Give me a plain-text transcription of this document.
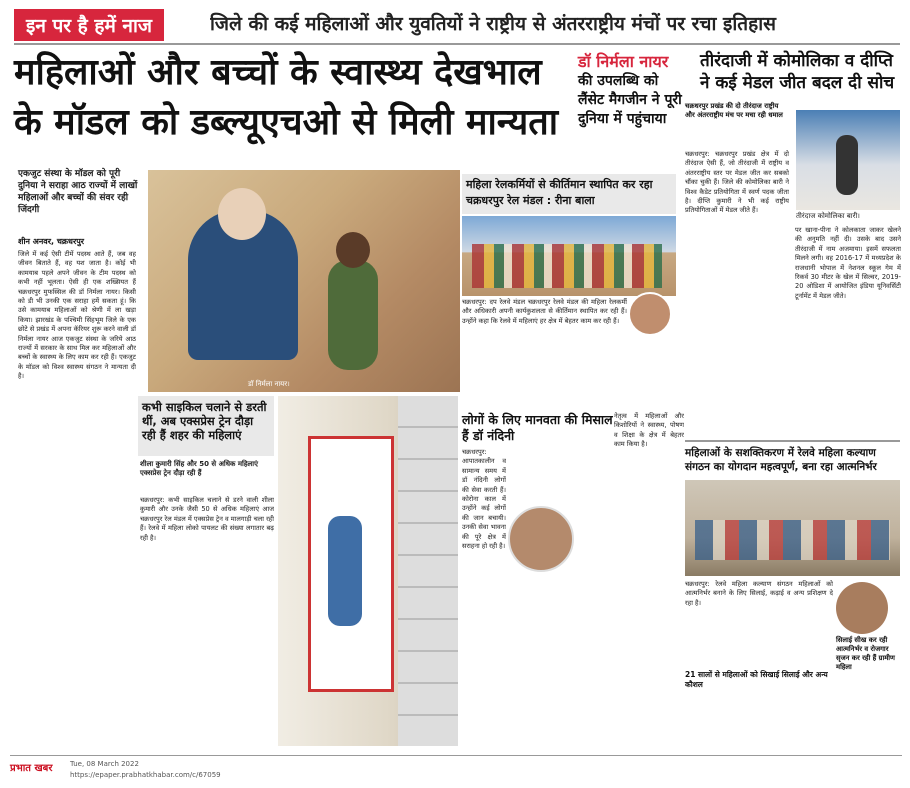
इन पर है हमें नाज	जिले की कई महिलाओं और युवतियों ने राष्ट्रीय से अंतरराष्ट्रीय मंचों पर रचा इतिहास
महिलाओं और बच्चों के स्वास्थ्य देखभाल
के मॉडल को डब्ल्यूएचओ से मिली मान्यता
डॉ निर्मला नायर
की उपलब्धि को लैंसेट मैगजीन ने पूरी दुनिया में पहुंचाया
तीरंदाजी में कोमोलिका व दीप्ति ने कई मेडल जीत बदल दी सोच
एकजुट संस्था के मॉडल को पूरी दुनिया ने सराहा आठ राज्यों में लाखों महिलाओं और बच्चों की संवर रही जिंदगी
शीन अनवर, चक्रधरपुर
जिले में कई ऐसी टीमें पदस्थ आते हैं, जब वह जीवन बिताते हैं, वह यश जाता है। कोई भी कामयाब पहले अपने जीवन के टीम पदस्थ को कभी नहीं भूलता। ऐसी ही एक शख्सियत हैं चक्रधरपुर मुफस्सिल की डॉ निर्मला नायर। किसी को डी भी उनकी एक सराहा हमें सकता हूं। कि उसे कामयाब महिलाओं को श्रेणी में ला खड़ा किया। झारखंड के पश्चिमी सिंहभूम जिले के एक छोटे से प्रखंड में अपना कॅरियर शुरू करने वाली डॉ निर्मला नायर आज एकजुट संस्था के जरिये आठ राज्यों में सरकार के साथ मिल कर महिलाओं और बच्चों के स्वास्थ्य के लिए काम कर रही हैं। एकजुट के मॉडल को विश्व स्वास्थ्य संगठन ने मान्यता दी है।
डॉ निर्मला नायर।
महिला रेलकर्मियों से कीर्तिमान स्थापित कर रहा चक्रधरपुर रेल मंडल : रीना बाला
चक्रधरपुर: दप रेलवे मंडल चक्रधरपुर रेलवे मंडल की महिला रेलकर्मी और अधिकारी अपनी कार्यकुशलता से कीर्तिमान स्थापित कर रही हैं। उन्होंने कहा कि रेलवे में महिलाएं हर क्षेत्र में बेहतर काम कर रही हैं।
चक्रधरपुर प्रखंड की दो तीरंदाज राष्ट्रीय और अंतरराष्ट्रीय मंच पर मचा रही धमाल
तीरंदाज कोमोलिका बारी।
चक्रधरपुर: चक्रधरपुर प्रखंड क्षेत्र में दो तीरंदाज ऐसी हैं, जो तीरंदाजी में राष्ट्रीय व अंतरराष्ट्रीय स्तर पर मेडल जीत कर सबको चौंका चुकी हैं। जिले की कोमोलिका बारी ने विश्व कैडेट प्रतियोगिता में स्वर्ण पदक जीता है। दीप्ति कुमारी ने भी कई राष्ट्रीय प्रतियोगिताओं में मेडल जीते हैं।
पर खाना-पीना ने कोलकाता जाकर खेलने की अनुमति नहीं दी। उसके बाद उसने तीरंदाजी में नाम अजमाया। इसमें सफलता मिलने लगी। वह 2016-17 में मध्यप्रदेश के राजधानी भोपाल में नेशनल स्कूल गेम में रिकर्व 30 मीटर के खेल में सिल्वर, 2019-20 ओडिशा में आयोजित इंडिया यूनिवर्सिटी टूर्नामेंट में मेडल जीते।
कभी साइकिल चलाने से डरती थीं, अब एक्सप्रेस ट्रेन दौड़ा रही हैं शहर की महिलाएं
शीला कुमारी सिंह और 50 से अधिक महिलाएं एक्सप्रेस ट्रेन दौड़ा रही हैं
चक्रधरपुर: कभी साइकिल चलाने से डरने वाली शीला कुमारी और उनके जैसी 50 से अधिक महिलाएं आज चक्रधरपुर रेल मंडल में एक्सप्रेस ट्रेन व मालगाड़ी चला रही हैं। रेलवे में महिला लोको पायलट की संख्या लगातार बढ़ रही है।
लोगों के लिए मानवता की मिसाल हैं डॉ नंदिनी
चक्रधरपुर: आपातकालीन व सामान्य समय में डॉ नंदिनी लोगों की सेवा करती हैं। कोरोना काल में उन्होंने कई लोगों की जान बचायी। उनकी सेवा भावना की पूरे क्षेत्र में सराहना हो रही है।
नेतृत्व में महिलाओं और किशोरियों ने स्वास्थ्य, पोषण व शिक्षा के क्षेत्र में बेहतर काम किया है।
महिलाओं के सशक्तिकरण में रेलवे महिला कल्याण संगठन का योगदान महत्वपूर्ण, बना रहा आत्मनिर्भर
चक्रधरपुर: रेलवे महिला कल्याण संगठन महिलाओं को आत्मनिर्भर बनाने के लिए सिलाई, कढ़ाई व अन्य प्रशिक्षण दे रहा है।
सिलाई सीख कर रही आत्मनिर्भर व रोजगार सृजन कर रही हैं ग्रामीण महिला
21 सालों से महिलाओं को सिखाई सिलाई और अन्य कौशल
प्रभात खबर	Tue, 08 March 2022
https://epaper.prabhatkhabar.com/c/67059
